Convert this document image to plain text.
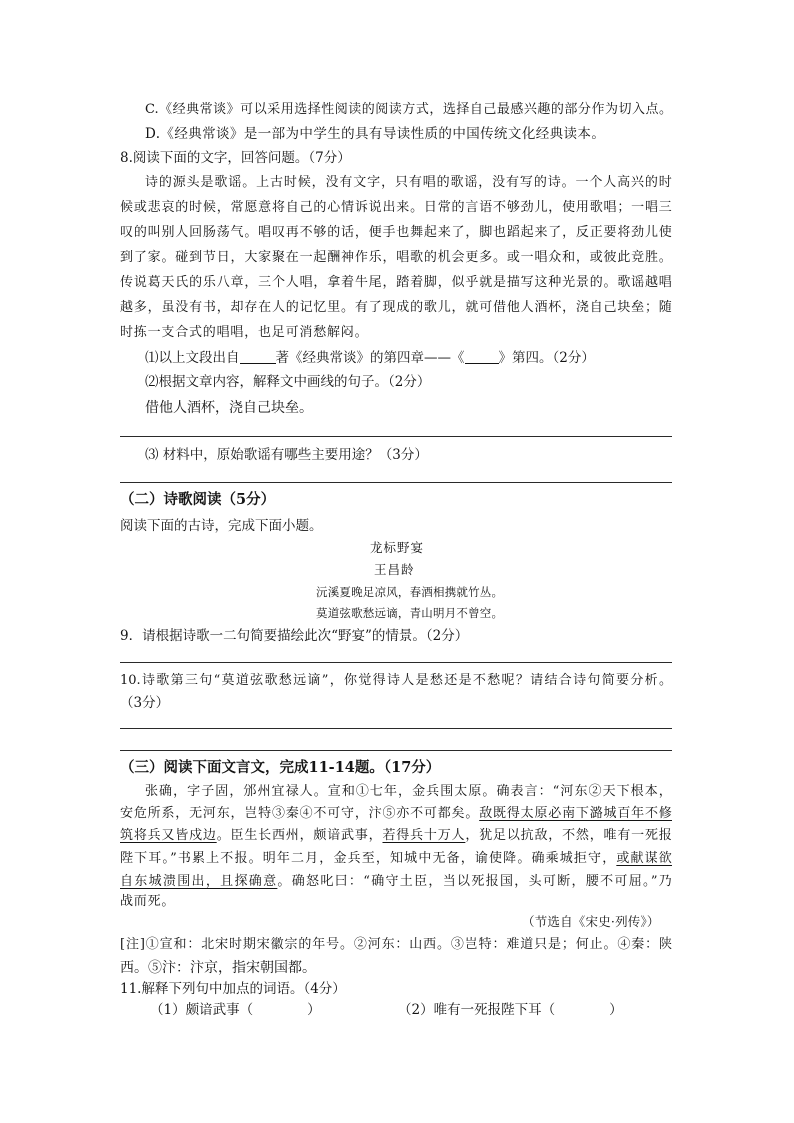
C.《经典常谈》可以采用选择性阅读的阅读方式，选择自己最感兴趣的部分作为切入点。
D.《经典常谈》是一部为中学生的具有导读性质的中国传统文化经典读本。
8.阅读下面的文字，回答问题。（7分）
诗的源头是歌谣。上古时候，没有文字，只有唱的歌谣，没有写的诗。一个人高兴的时
候或悲哀的时候，常愿意将自己的心情诉说出来。日常的言语不够劲儿，使用歌唱；一唱三
叹的叫别人回肠荡气。唱叹再不够的话，便手也舞起来了，脚也蹈起来了，反正要将劲儿使
到了家。碰到节日，大家聚在一起酬神作乐，唱歌的机会更多。或一唱众和，或彼此竞胜。
传说葛天氏的乐八章，三个人唱，拿着牛尾，踏着脚，似乎就是描写这种光景的。歌谣越唱
越多，虽没有书，却存在人的记忆里。有了现成的歌儿，就可借他人酒杯，浇自己块垒；随
时拣一支合式的唱唱，也足可消愁解闷。
⑴以上文段出自	著《经典常谈》的第四章——《	》第四。（2分）
⑵根据文章内容，解释文中画线的句子。（2分）
借他人酒杯，浇自己块垒。
⑶ 材料中，原始歌谣有哪些主要用途？（3分）
（二）诗歌阅读（5分）
阅读下面的古诗，完成下面小题。
龙标野宴
王昌龄
沅溪夏晚足凉风，春酒相携就竹丛。
莫道弦歌愁远谪，青山明月不曾空。
9．请根据诗歌一二句简要描绘此次“野宴”的情景。（2分）
10.诗歌第三句“莫道弦歌愁远谪”，你觉得诗人是愁还是不愁呢？请结合诗句简要分析。
（3分）
（三）阅读下面文言文，完成11-14题。（17分）
张确，字子固，邠州宜禄人。宣和①七年，金兵围太原。确表言：“河东②天下根本，
安危所系，无河东，岂特③秦④不可守，汴⑤亦不可都矣。敌既得太原必南下潞城百年不修
筑将兵又皆戍边。臣生长西州，颇谙武事，若得兵十万人，犹足以抗敌，不然，唯有一死报
陛下耳。”书累上不报。明年二月，金兵至，知城中无备，谕使降。确乘城拒守，或献谋欲
自东城溃围出，且探确意。确怒叱曰：“确守土臣，当以死报国，头可断，腰不可屈。”乃
战而死。
（节选自《宋史·列传》）
[注]①宣和：北宋时期宋徽宗的年号。②河东：山西。③岂特：难道只是；何止。④秦：陕
西。⑤汴：汴京，指宋朝国都。
11.解释下列句中加点的词语。（4分）
（1）颇谙武事（　　　　）	（2）唯有一死报陛下耳（　　　　）
